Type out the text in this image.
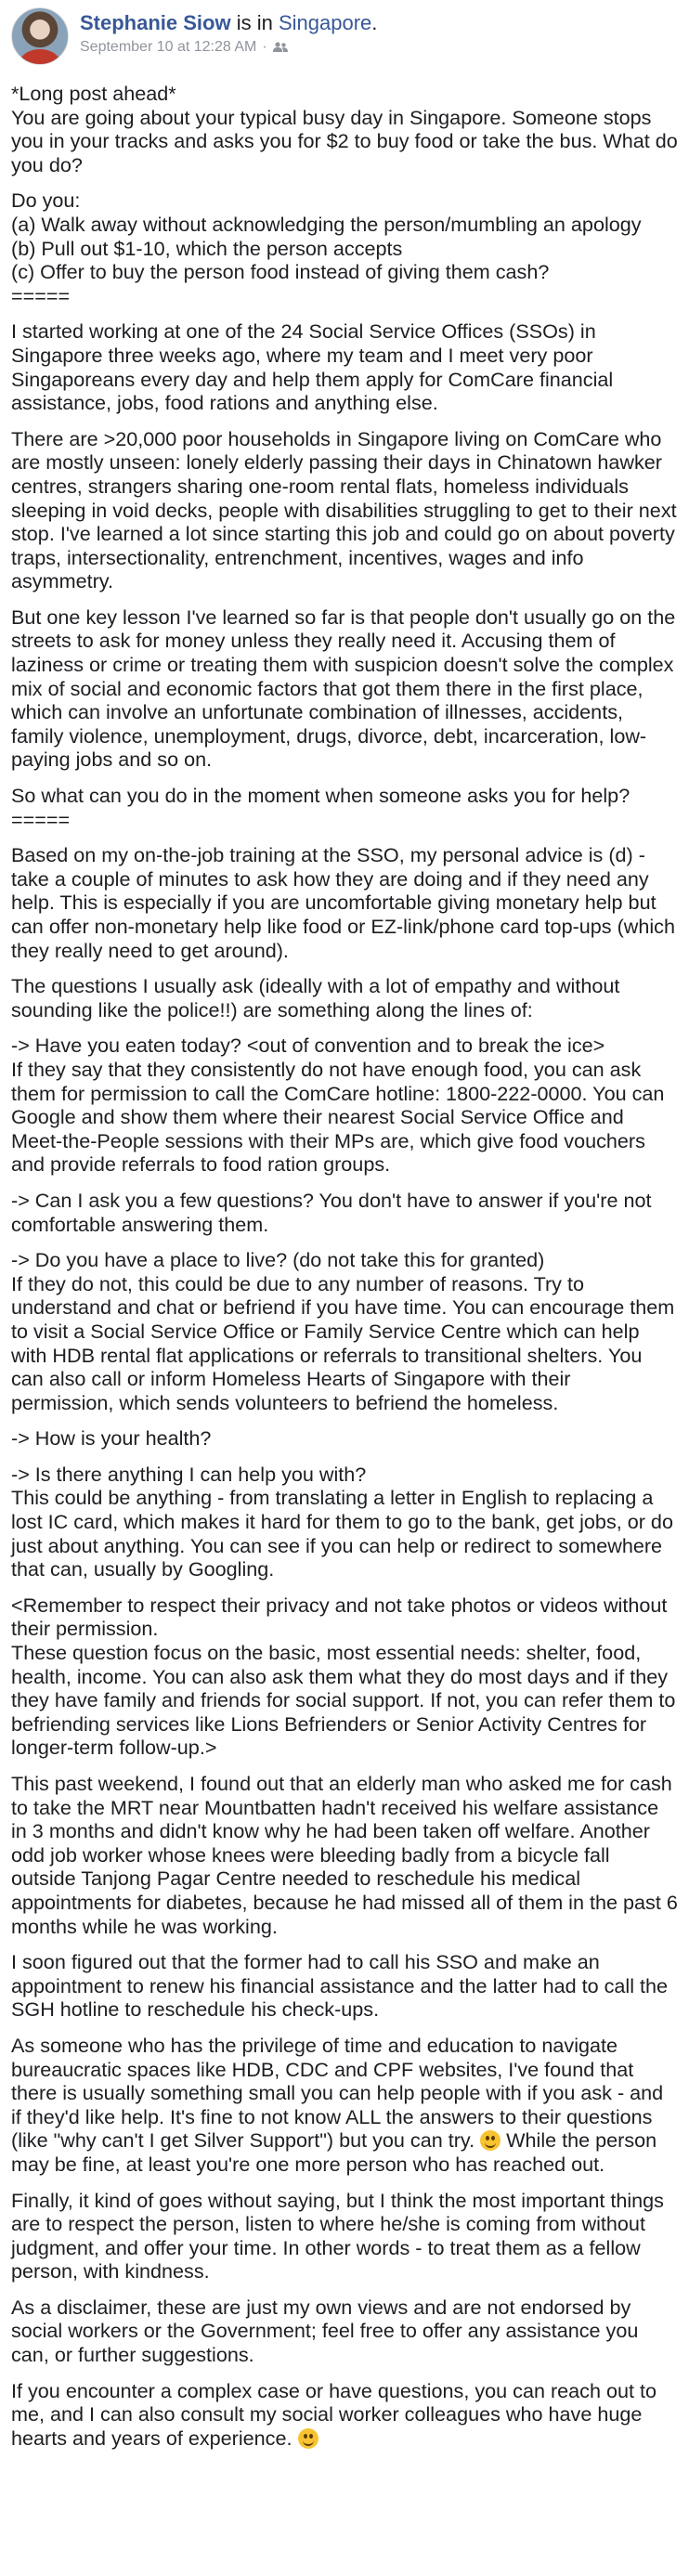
Stephanie Siow is in Singapore.
September 10 at 12:28 AM ·

*Long post ahead*
You are going about your typical busy day in Singapore. Someone stops you in your tracks and asks you for $2 to buy food or take the bus. What do you do?

Do you:
(a) Walk away without acknowledging the person/mumbling an apology
(b) Pull out $1-10, which the person accepts
(c) Offer to buy the person food instead of giving them cash?
=====

I started working at one of the 24 Social Service Offices (SSOs) in Singapore three weeks ago, where my team and I meet very poor Singaporeans every day and help them apply for ComCare financial assistance, jobs, food rations and anything else.

There are >20,000 poor households in Singapore living on ComCare who are mostly unseen: lonely elderly passing their days in Chinatown hawker centres, strangers sharing one-room rental flats, homeless individuals sleeping in void decks, people with disabilities struggling to get to their next stop. I've learned a lot since starting this job and could go on about poverty traps, intersectionality, entrenchment, incentives, wages and info asymmetry.

But one key lesson I've learned so far is that people don't usually go on the streets to ask for money unless they really need it. Accusing them of laziness or crime or treating them with suspicion doesn't solve the complex mix of social and economic factors that got them there in the first place, which can involve an unfortunate combination of illnesses, accidents, family violence, unemployment, drugs, divorce, debt, incarceration, low-paying jobs and so on.

So what can you do in the moment when someone asks you for help?
=====

Based on my on-the-job training at the SSO, my personal advice is (d) - take a couple of minutes to ask how they are doing and if they need any help. This is especially if you are uncomfortable giving monetary help but can offer non-monetary help like food or EZ-link/phone card top-ups (which they really need to get around).

The questions I usually ask (ideally with a lot of empathy and without sounding like the police!!) are something along the lines of:

-> Have you eaten today? <out of convention and to break the ice>
If they say that they consistently do not have enough food, you can ask them for permission to call the ComCare hotline: 1800-222-0000. You can Google and show them where their nearest Social Service Office and Meet-the-People sessions with their MPs are, which give food vouchers and provide referrals to food ration groups.

-> Can I ask you a few questions? You don't have to answer if you're not comfortable answering them.

-> Do you have a place to live? (do not take this for granted)
If they do not, this could be due to any number of reasons. Try to understand and chat or befriend if you have time. You can encourage them to visit a Social Service Office or Family Service Centre which can help with HDB rental flat applications or referrals to transitional shelters. You can also call or inform Homeless Hearts of Singapore with their permission, which sends volunteers to befriend the homeless.

-> How is your health?

-> Is there anything I can help you with?
This could be anything - from translating a letter in English to replacing a lost IC card, which makes it hard for them to go to the bank, get jobs, or do just about anything. You can see if you can help or redirect to somewhere that can, usually by Googling.

<Remember to respect their privacy and not take photos or videos without their permission.
These question focus on the basic, most essential needs: shelter, food, health, income. You can also ask them what they do most days and if they they have family and friends for social support. If not, you can refer them to befriending services like Lions Befrienders or Senior Activity Centres for longer-term follow-up.>

This past weekend, I found out that an elderly man who asked me for cash to take the MRT near Mountbatten hadn't received his welfare assistance in 3 months and didn't know why he had been taken off welfare. Another odd job worker whose knees were bleeding badly from a bicycle fall outside Tanjong Pagar Centre needed to reschedule his medical appointments for diabetes, because he had missed all of them in the past 6 months while he was working.

I soon figured out that the former had to call his SSO and make an appointment to renew his financial assistance and the latter had to call the SGH hotline to reschedule his check-ups.

As someone who has the privilege of time and education to navigate bureaucratic spaces like HDB, CDC and CPF websites, I've found that there is usually something small you can help people with if you ask - and if they'd like help. It's fine to not know ALL the answers to their questions (like "why can't I get Silver Support") but you can try.
While the person may be fine, at least you're one more person who has reached out.

Finally, it kind of goes without saying, but I think the most important things are to respect the person, listen to where he/she is coming from without judgment, and offer your time. In other words - to treat them as a fellow person, with kindness.

As a disclaimer, these are just my own views and are not endorsed by social workers or the Government; feel free to offer any assistance you can, or further suggestions.

If you encounter a complex case or have questions, you can reach out to me, and I can also consult my social worker colleagues who have huge hearts and years of experience.
